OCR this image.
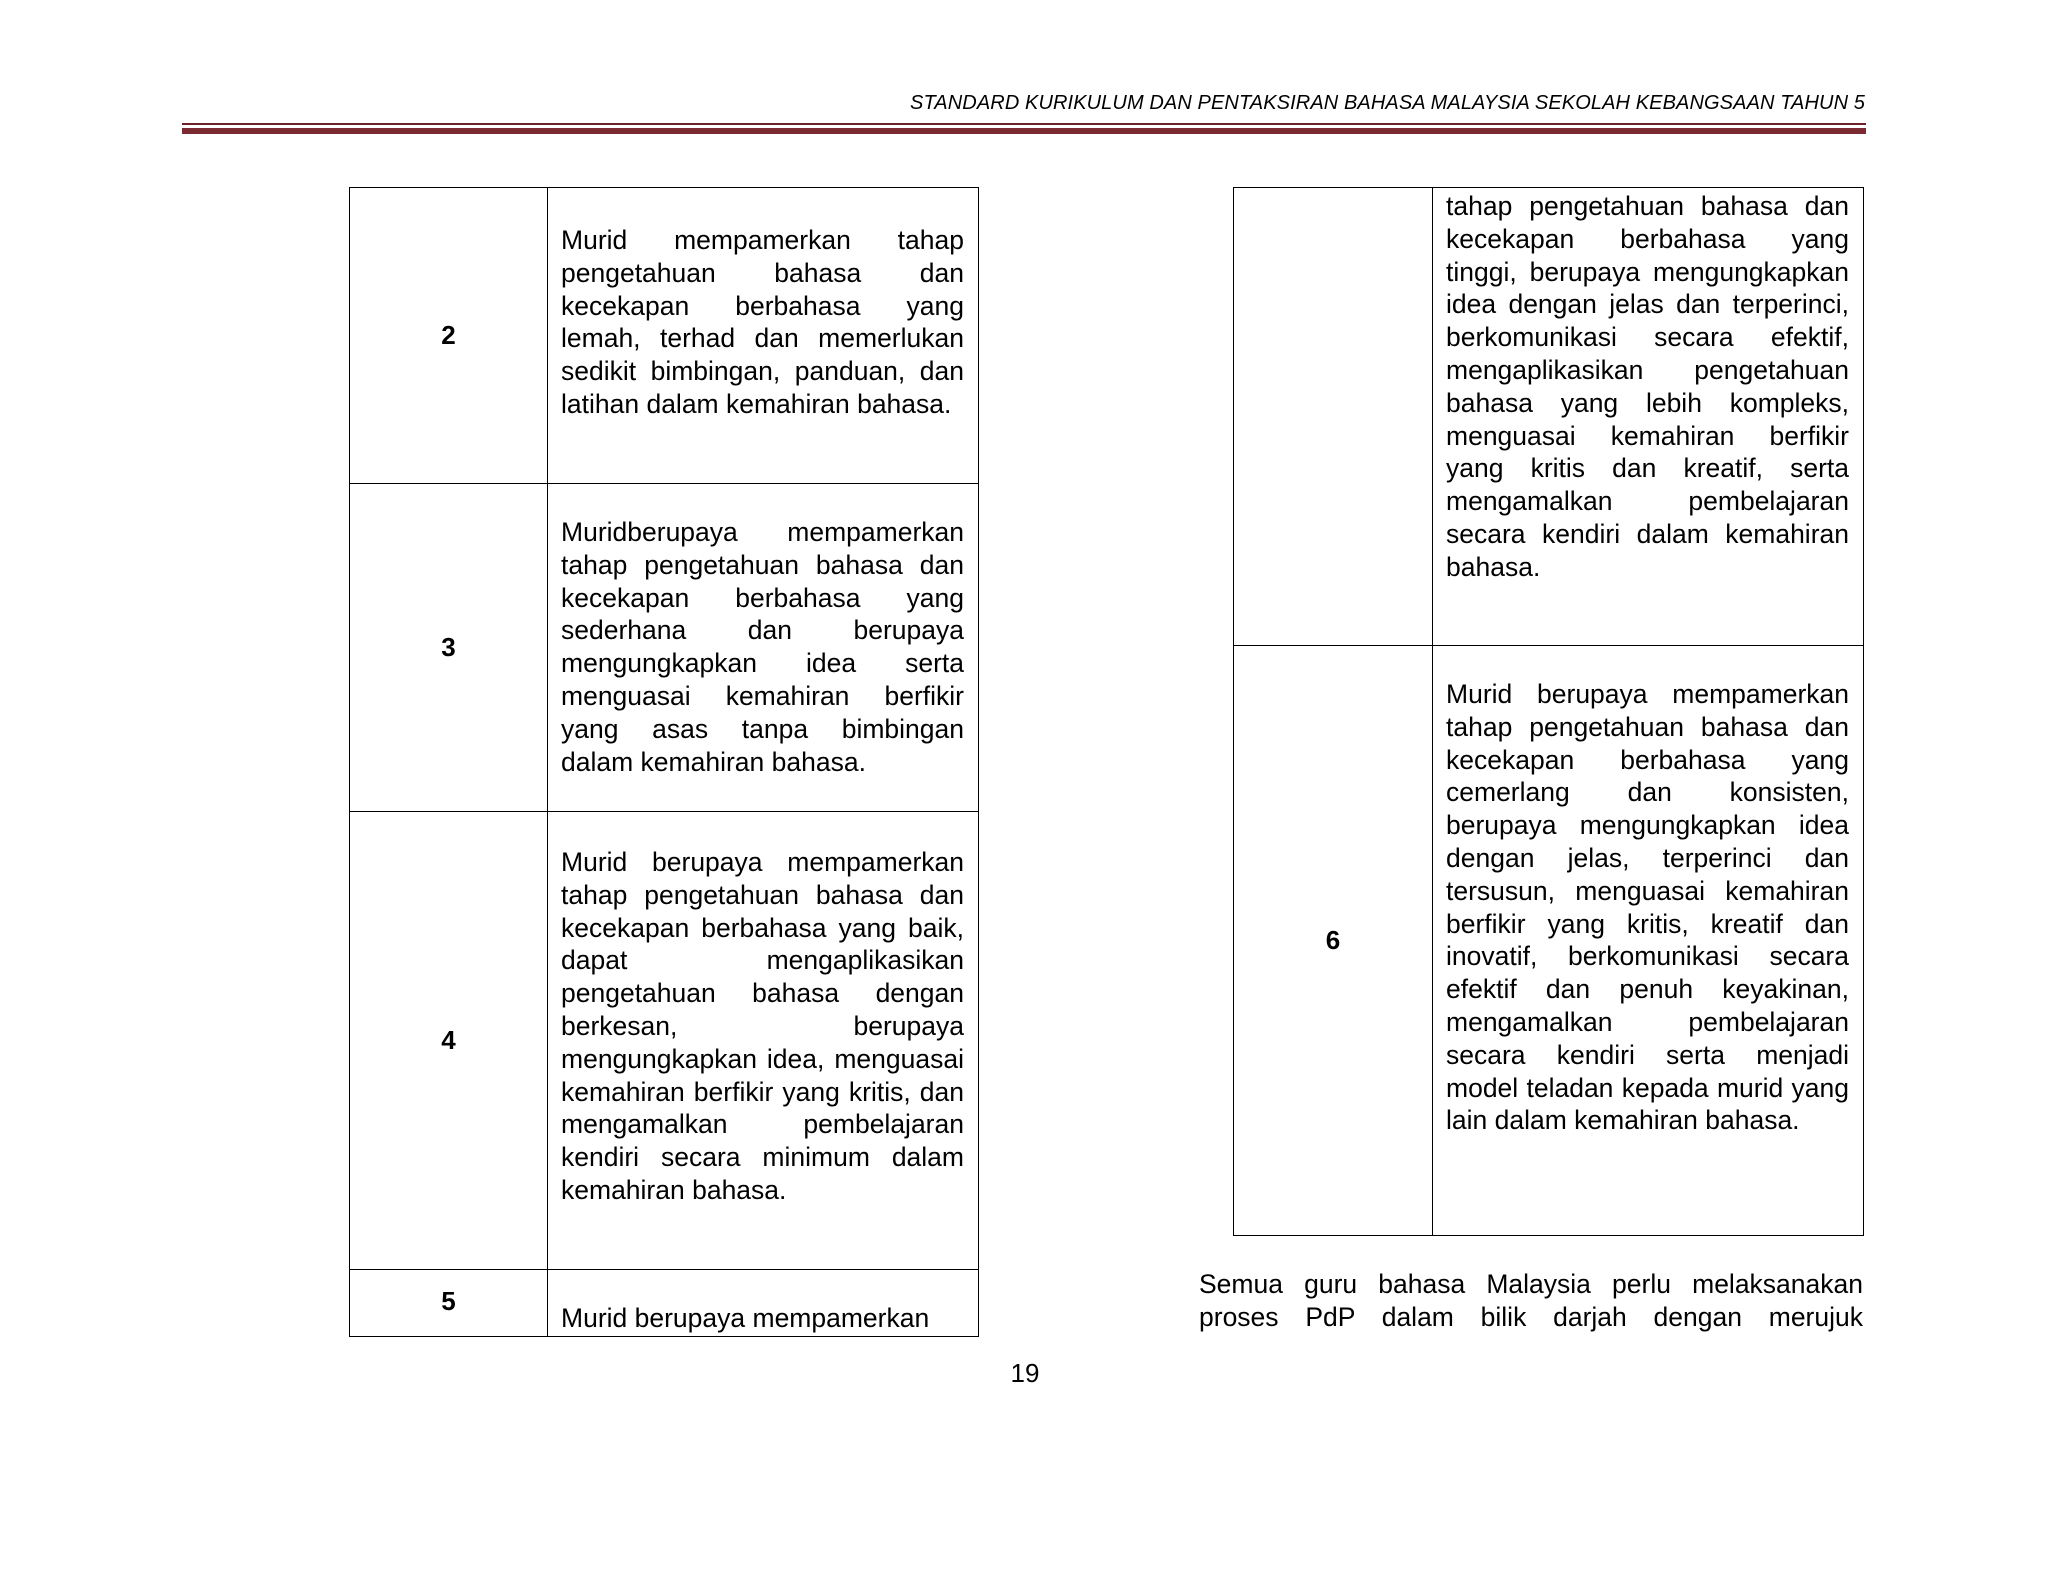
STANDARD KURIKULUM DAN PENTAKSIRAN BAHASA MALAYSIA SEKOLAH KEBANGSAAN TAHUN 5
2	Murid mempamerkan tahap pengetahuan bahasa dan kecekapan berbahasa yang lemah, terhad dan memerlukan sedikit bimbingan, panduan, dan latihan dalam kemahiran bahasa.

3	Muridberupaya mempamerkan tahap pengetahuan bahasa dan kecekapan berbahasa yang sederhana dan berupaya mengungkapkan idea serta menguasai kemahiran berfikir yang asas tanpa bimbingan dalam kemahiran bahasa.

4	Murid berupaya mempamerkan tahap pengetahuan bahasa dan kecekapan berbahasa yang baik, dapat mengaplikasikan pengetahuan bahasa dengan berkesan, berupaya mengungkapkan idea, menguasai kemahiran berfikir yang kritis, dan mengamalkan pembelajaran kendiri secara minimum dalam kemahiran bahasa.

5	Murid berupaya mempamerkan

	tahap pengetahuan bahasa dan kecekapan berbahasa yang tinggi, berupaya mengungkapkan idea dengan jelas dan terperinci, berkomunikasi secara efektif, mengaplikasikan pengetahuan bahasa yang lebih kompleks, menguasai kemahiran berfikir yang kritis dan kreatif, serta mengamalkan pembelajaran secara kendiri dalam kemahiran bahasa.

6	Murid berupaya mempamerkan tahap pengetahuan bahasa dan kecekapan berbahasa yang cemerlang dan konsisten, berupaya mengungkapkan idea dengan jelas, terperinci dan tersusun, menguasai kemahiran berfikir yang kritis, kreatif dan inovatif, berkomunikasi secara efektif dan penuh keyakinan, mengamalkan pembelajaran secara kendiri serta menjadi model teladan kepada murid yang lain dalam kemahiran bahasa.
Semua guru bahasa Malaysia perlu melaksanakan proses PdP dalam bilik darjah dengan merujuk
19
